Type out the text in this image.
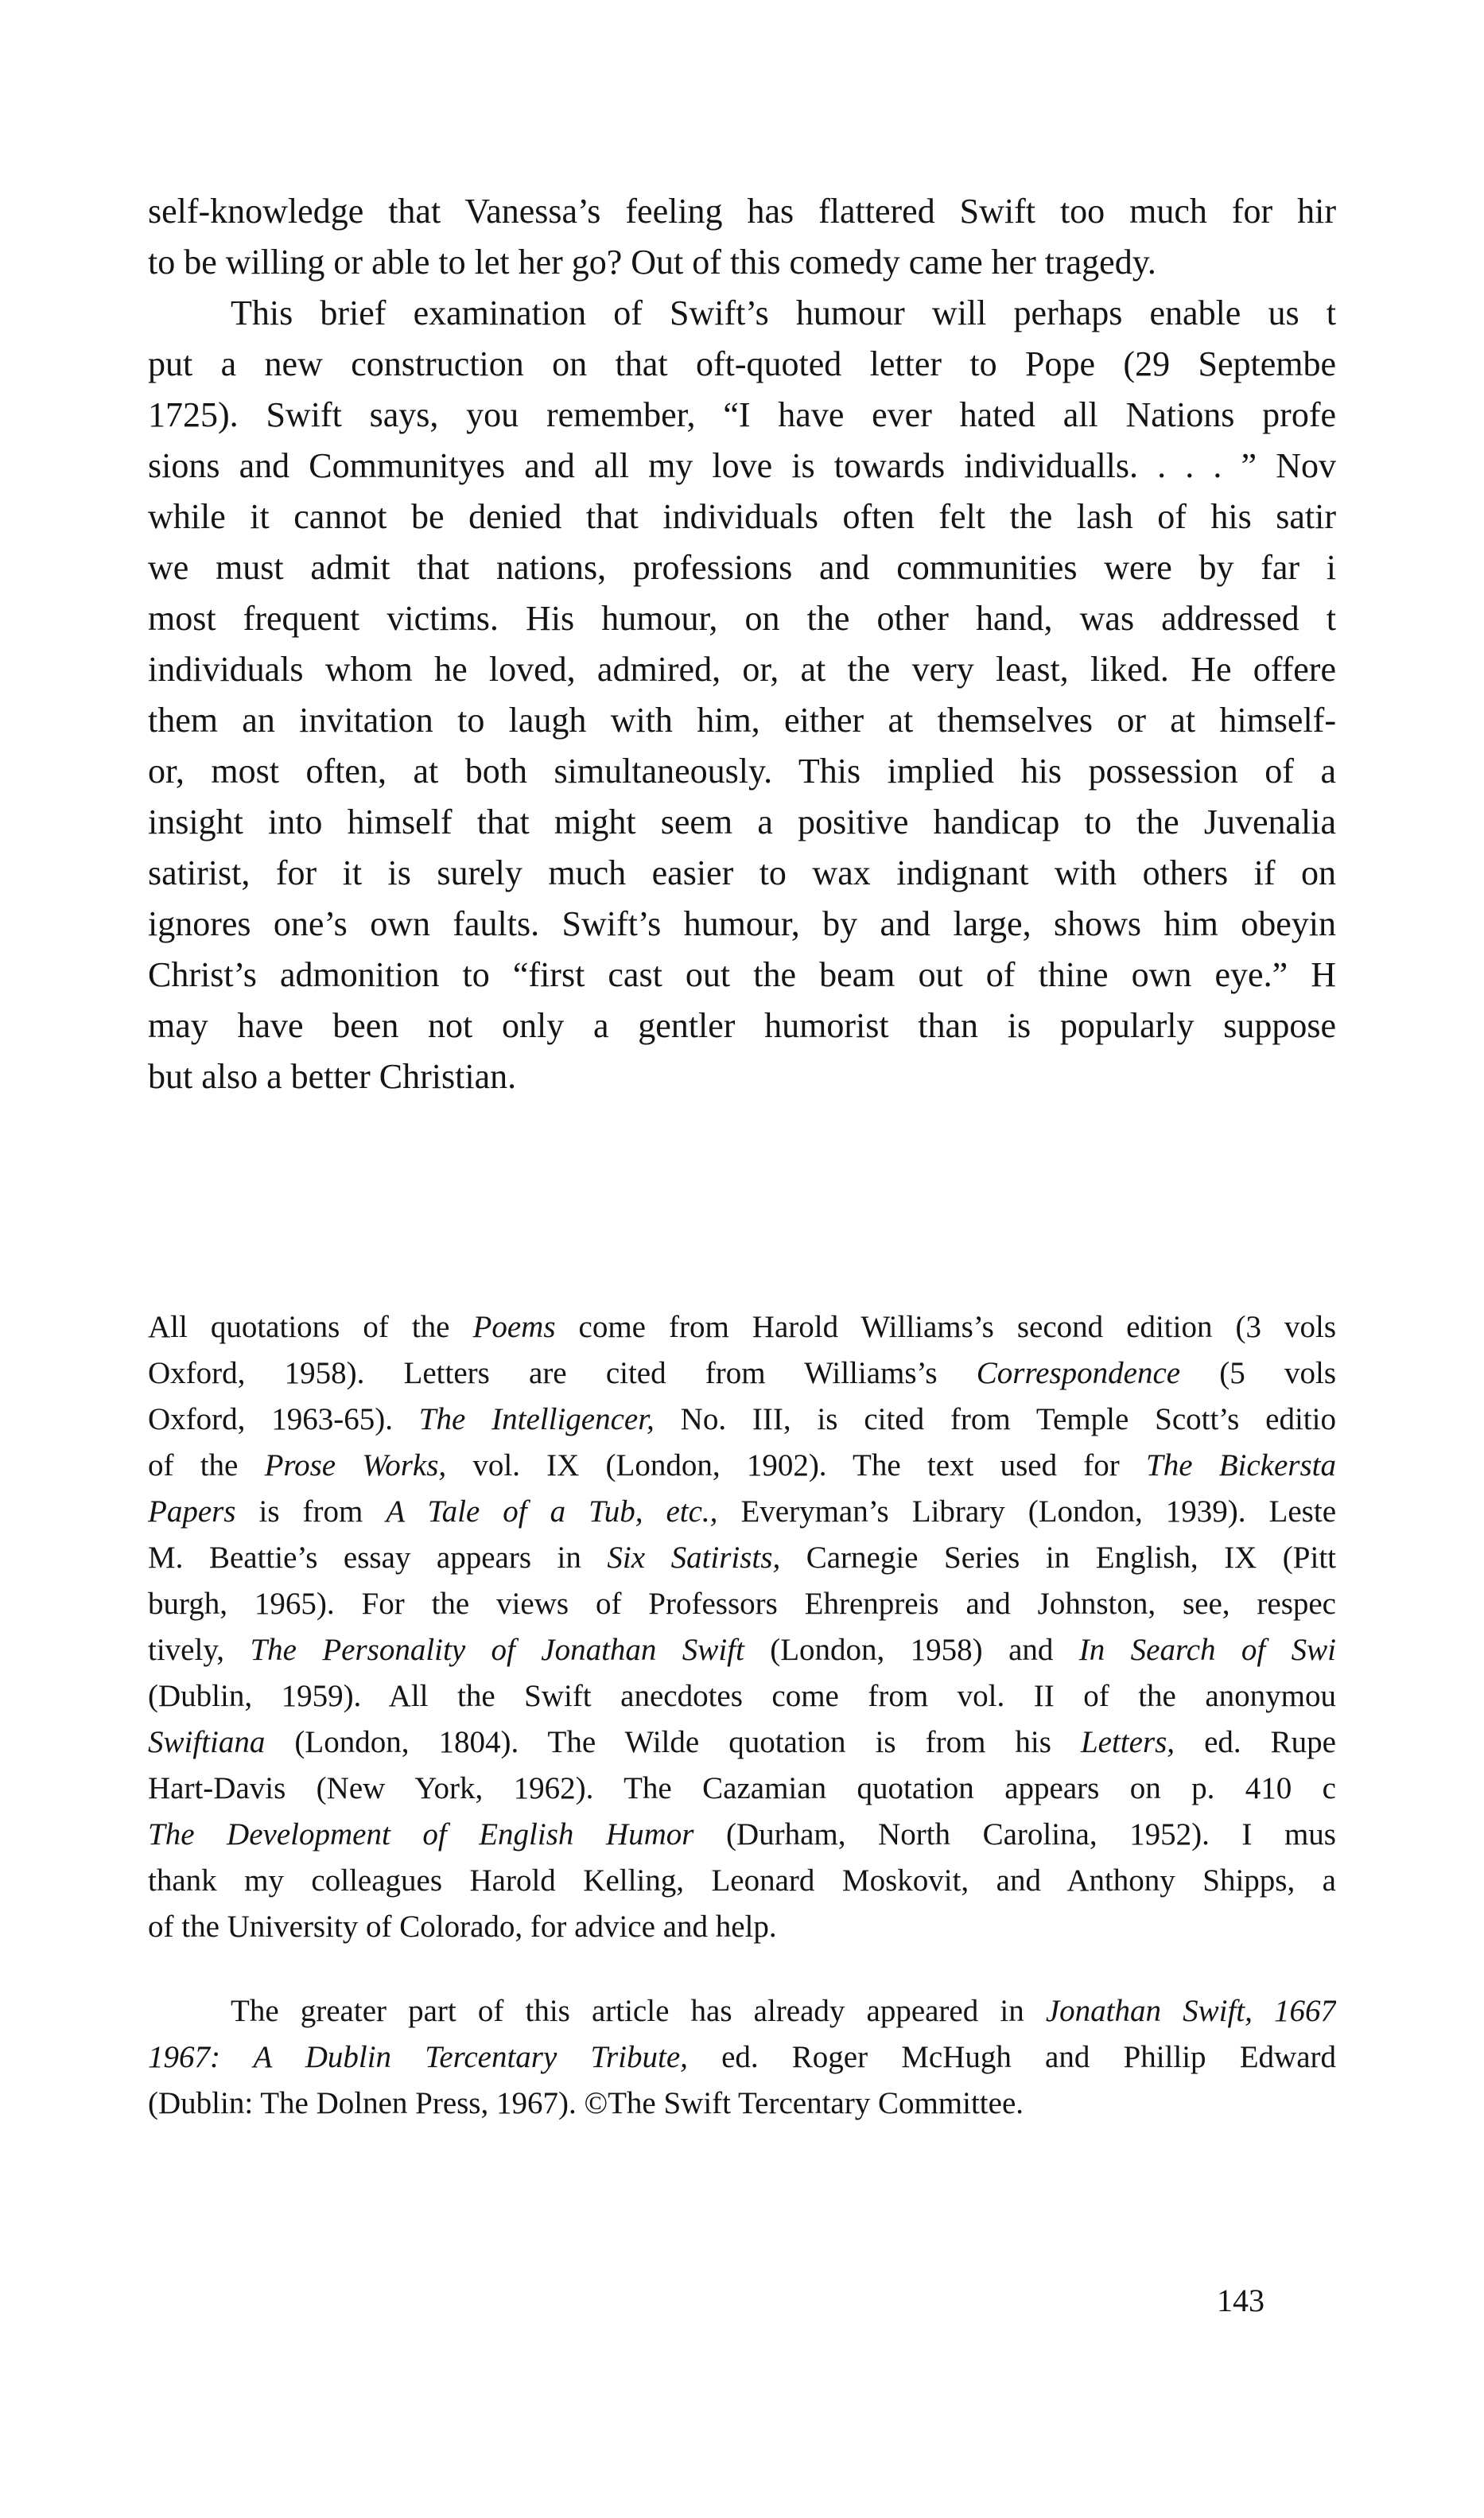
self-knowledge that Vanessa’s feeling has flattered Swift too much for hir
to be willing or able to let her go? Out of this comedy came her tragedy.
This brief examination of Swift’s humour will perhaps enable us t
put a new construction on that oft-quoted letter to Pope (29 Septembe
1725). Swift says, you remember, “I have ever hated all Nations profe
sions and Communityes and all my love is towards individualls. . . . ” Nov
while it cannot be denied that individuals often felt the lash of his satir
we must admit that nations, professions and communities were by far i
most frequent victims. His humour, on the other hand, was addressed t
individuals whom he loved, admired, or, at the very least, liked. He offere
them an invitation to laugh with him, either at themselves or at himself-
or, most often, at both simultaneously. This implied his possession of a
insight into himself that might seem a positive handicap to the Juvenalia
satirist, for it is surely much easier to wax indignant with others if on
ignores one’s own faults. Swift’s humour, by and large, shows him obeyin
Christ’s admonition to “first cast out the beam out of thine own eye.” H
may have been not only a gentler humorist than is popularly suppose
but also a better Christian.
All quotations of the Poems come from Harold Williams’s second edition (3 vols
Oxford, 1958). Letters are cited from Williams’s Correspondence (5 vols
Oxford, 1963-65). The Intelligencer, No. III, is cited from Temple Scott’s editio
of the Prose Works, vol. IX (London, 1902). The text used for The Bickersta
Papers is from A Tale of a Tub, etc., Everyman’s Library (London, 1939). Leste
M. Beattie’s essay appears in Six Satirists, Carnegie Series in English, IX (Pitt
burgh, 1965). For the views of Professors Ehrenpreis and Johnston, see, respec
tively, The Personality of Jonathan Swift (London, 1958) and In Search of Swi
(Dublin, 1959). All the Swift anecdotes come from vol. II of the anonymou
Swiftiana (London, 1804). The Wilde quotation is from his Letters, ed. Rupe
Hart-Davis (New York, 1962). The Cazamian quotation appears on p. 410 c
The Development of English Humor (Durham, North Carolina, 1952). I mus
thank my colleagues Harold Kelling, Leonard Moskovit, and Anthony Shipps, a
of the University of Colorado, for advice and help.
The greater part of this article has already appeared in Jonathan Swift, 1667
1967: A Dublin Tercentary Tribute, ed. Roger McHugh and Phillip Edward
(Dublin: The Dolnen Press, 1967). ©The Swift Tercentary Committee.
143
